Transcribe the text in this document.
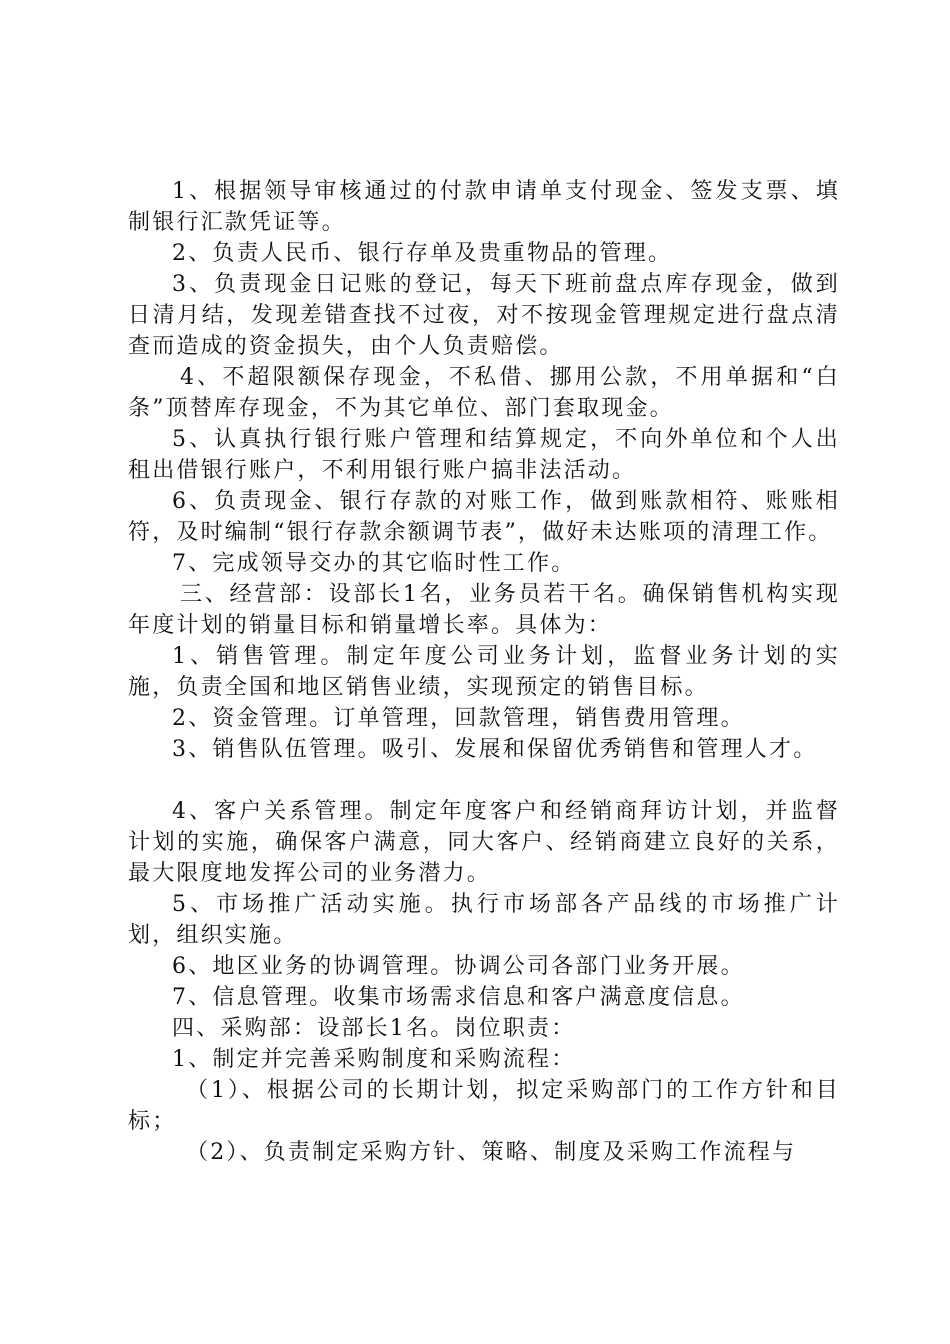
1、根据领导审核通过的付款申请单支付现金、签发支票、填制银行汇款凭证等。

2、负责人民币、银行存单及贵重物品的管理。

3、负责现金日记账的登记，每天下班前盘点库存现金，做到日清月结，发现差错查找不过夜，对不按现金管理规定进行盘点清查而造成的资金损失，由个人负责赔偿。

4、不超限额保存现金，不私借、挪用公款，不用单据和“白条”顶替库存现金，不为其它单位、部门套取现金。

5、认真执行银行账户管理和结算规定，不向外单位和个人出租出借银行账户，不利用银行账户搞非法活动。

6、负责现金、银行存款的对账工作，做到账款相符、账账相符，及时编制“银行存款余额调节表”，做好未达账项的清理工作。

7、完成领导交办的其它临时性工作。

三、经营部：设部长1名，业务员若干名。确保销售机构实现年度计划的销量目标和销量增长率。具体为：

1、销售管理。制定年度公司业务计划，监督业务计划的实施，负责全国和地区销售业绩，实现预定的销售目标。

2、资金管理。订单管理，回款管理，销售费用管理。

3、销售队伍管理。吸引、发展和保留优秀销售和管理人才。

4、客户关系管理。制定年度客户和经销商拜访计划，并监督计划的实施，确保客户满意，同大客户、经销商建立良好的关系，最大限度地发挥公司的业务潜力。

5、市场推广活动实施。执行市场部各产品线的市场推广计划，组织实施。

6、地区业务的协调管理。协调公司各部门业务开展。

7、信息管理。收集市场需求信息和客户满意度信息。

四、采购部：设部长1名。岗位职责：

1、制定并完善采购制度和采购流程：

（1）、根据公司的长期计划，拟定采购部门的工作方针和目标；

（2）、负责制定采购方针、策略、制度及采购工作流程与
